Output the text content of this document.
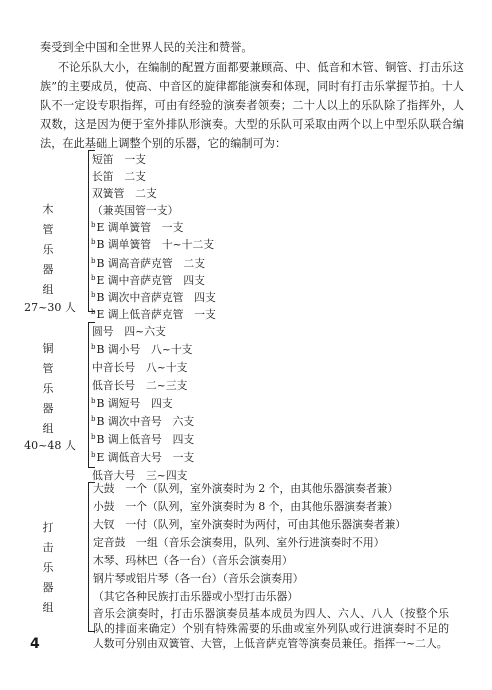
奏受到全中国和全世界人民的关注和赞誉。
不论乐队大小，在编制的配置方面都要兼顾高、中、低音和木管、铜管、打击乐这
族”的主要成员，使高、中音区的旋律都能演奏和体现，同时有打击乐掌握节拍。十人
队不一定设专职指挥，可由有经验的演奏者领奏；二十人以上的乐队除了指挥外，人
双数，这是因为便于室外排队形演奏。大型的乐队可采取由两个以上中型乐队联合编
法，在此基础上调整个别的乐器，它的编制可为：
木
管
乐
器
组
27~30 人
短笛　一支
长笛　二支
双簧管　二支
（兼英国管一支）
$^b$E 调单簧管　一支
$^b$B 调单簧管　十~十二支
$^b$B 调高音萨克管　二支
$^b$E 调中音萨克管　四支
$^b$B 调次中音萨克管　四支
$^b$E 调上低音萨克管　一支
铜
管
乐
器
组
40~48 人
圆号　四~六支
$^b$B 调小号　八~十支
中音长号　八~十支
低音长号　二~三支
$^b$B 调短号　四支
$^b$B 调次中音号　六支
$^b$B 调上低音号　四支
$^b$E 调低音大号　一支
低音大号　三~四支
打
击
乐
器
组
大鼓　一个（队列，室外演奏时为 2 个，由其他乐器演奏者兼）
小鼓　一个（队列，室外演奏时为 8 个，由其他乐器演奏者兼）
大钗　一付（队列，室外演奏时为两付，可由其他乐器演奏者兼）
定音鼓　一组（音乐会演奏用，队列、室外行进演奏时不用）
木琴、玛林巴（各一台）（音乐会演奏用）
钢片琴或铝片琴（各一台）（音乐会演奏用）
（其它各种民族打击乐器或小型打击乐器）
音乐会演奏时，打击乐器演奏员基本成员为四人、六人、八人（按整个乐队的排面来确定）个别有特殊需要的乐曲或室外列队或行进演奏时不足的人数可分别由双簧管、大管，上低音萨克管等演奏员兼任。指挥一~二人。
4
